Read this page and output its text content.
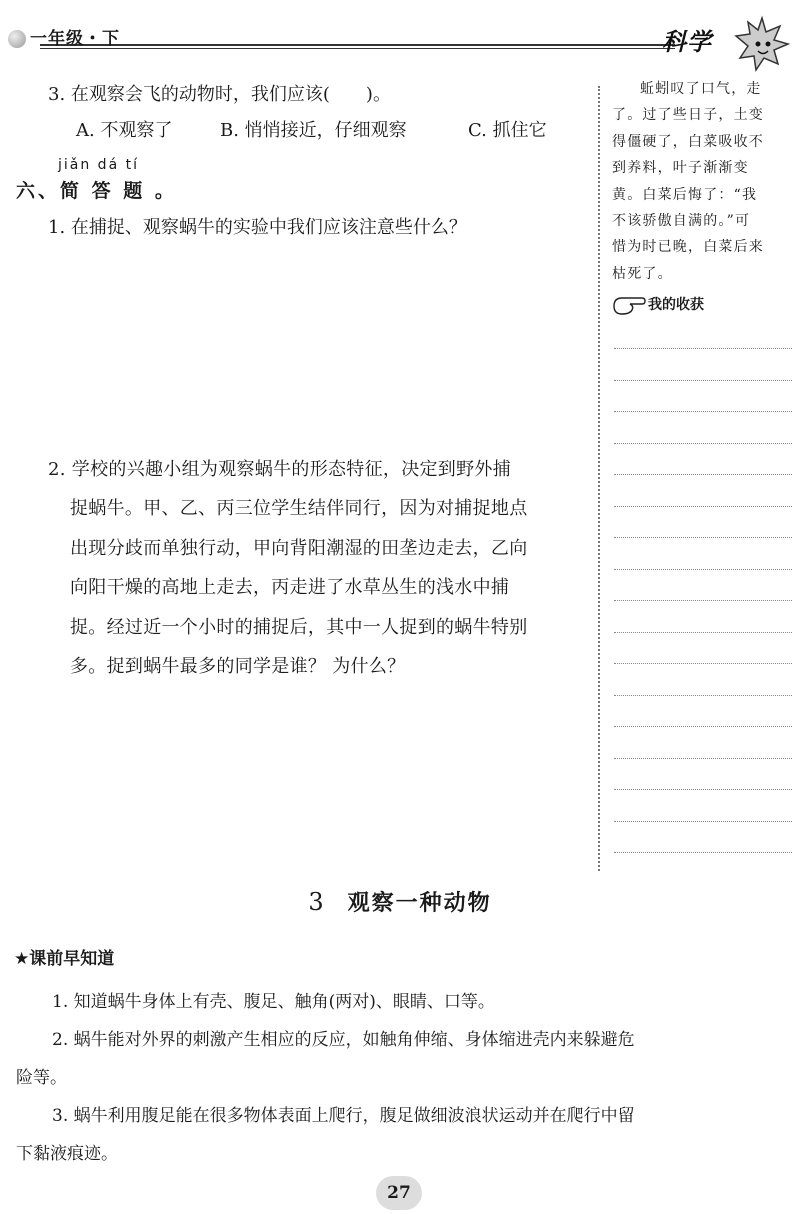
一年级・下	科学
3. 在观察会飞的动物时，我们应该(　　)。
A. 不观察了	B. 悄悄接近，仔细观察	C. 抓住它
jiǎn dá tí
六、简 答 题 。
1. 在捕捉、观察蜗牛的实验中我们应该注意些什么？
2. 学校的兴趣小组为观察蜗牛的形态特征，决定到野外捕
捉蜗牛。甲、乙、丙三位学生结伴同行，因为对捕捉地点
出现分歧而单独行动，甲向背阳潮湿的田垄边走去，乙向
向阳干燥的高地上走去，丙走进了水草丛生的浅水中捕
捉。经过近一个小时的捕捉后，其中一人捉到的蜗牛特别
多。捉到蜗牛最多的同学是谁？ 为什么？
蚯蚓叹了口气，走
了。过了些日子，土变
得僵硬了，白菜吸收不
到养料，叶子渐渐变
黄。白菜后悔了：“我
不该骄傲自满的。”可
惜为时已晚，白菜后来
枯死了。
我的收获
3 观察一种动物
★课前早知道
1. 知道蜗牛身体上有壳、腹足、触角(两对)、眼睛、口等。
2. 蜗牛能对外界的刺激产生相应的反应，如触角伸缩、身体缩进壳内来躲避危
险等。
3. 蜗牛利用腹足能在很多物体表面上爬行，腹足做细波浪状运动并在爬行中留
下黏液痕迹。
27
